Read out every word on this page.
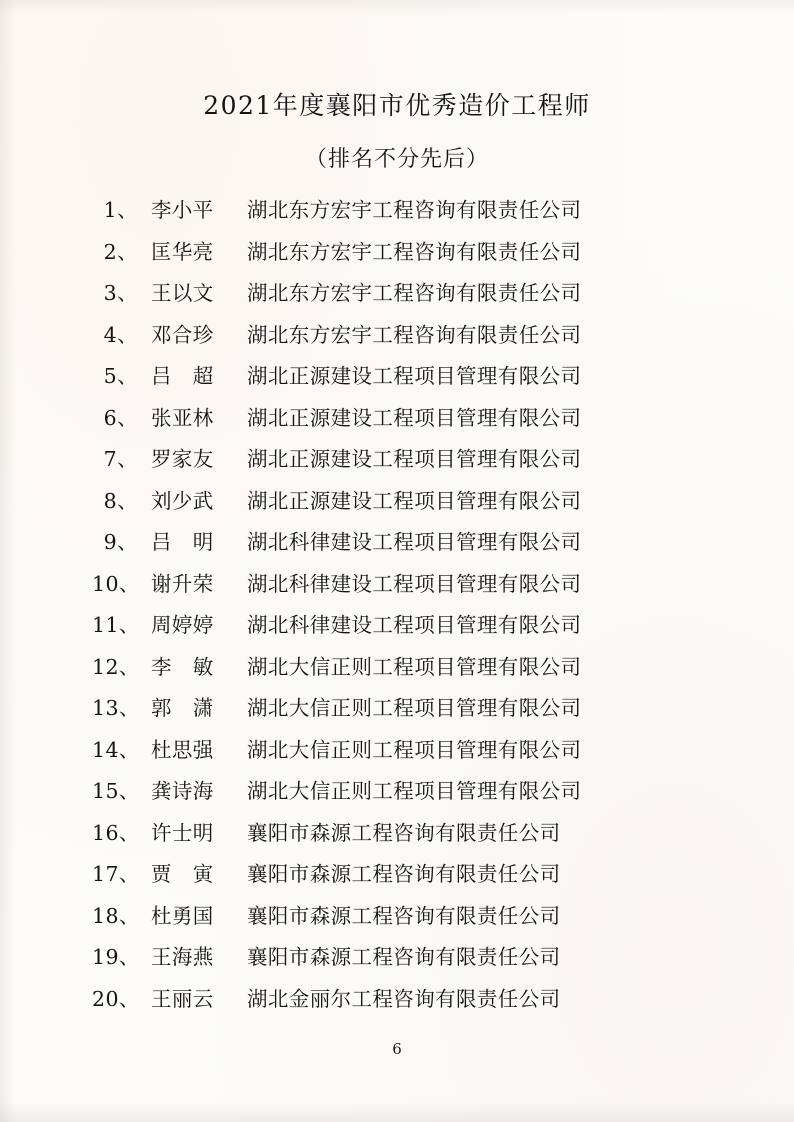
2021年度襄阳市优秀造价工程师
（排名不分先后）
1、 李小平	湖北东方宏宇工程咨询有限责任公司
2、 匡华亮	湖北东方宏宇工程咨询有限责任公司
3、 王以文	湖北东方宏宇工程咨询有限责任公司
4、 邓合珍	湖北东方宏宇工程咨询有限责任公司
5、 吕　超	湖北正源建设工程项目管理有限公司
6、 张亚林	湖北正源建设工程项目管理有限公司
7、 罗家友	湖北正源建设工程项目管理有限公司
8、 刘少武	湖北正源建设工程项目管理有限公司
9、 吕　明	湖北科律建设工程项目管理有限公司
10、 谢升荣	湖北科律建设工程项目管理有限公司
11、 周婷婷	湖北科律建设工程项目管理有限公司
12、 李　敏	湖北大信正则工程项目管理有限公司
13、 郭　潇	湖北大信正则工程项目管理有限公司
14、 杜思强	湖北大信正则工程项目管理有限公司
15、 龚诗海	湖北大信正则工程项目管理有限公司
16、 许士明	襄阳市森源工程咨询有限责任公司
17、 贾　寅	襄阳市森源工程咨询有限责任公司
18、 杜勇国	襄阳市森源工程咨询有限责任公司
19、 王海燕	襄阳市森源工程咨询有限责任公司
20、 王丽云	湖北金丽尔工程咨询有限责任公司
6
